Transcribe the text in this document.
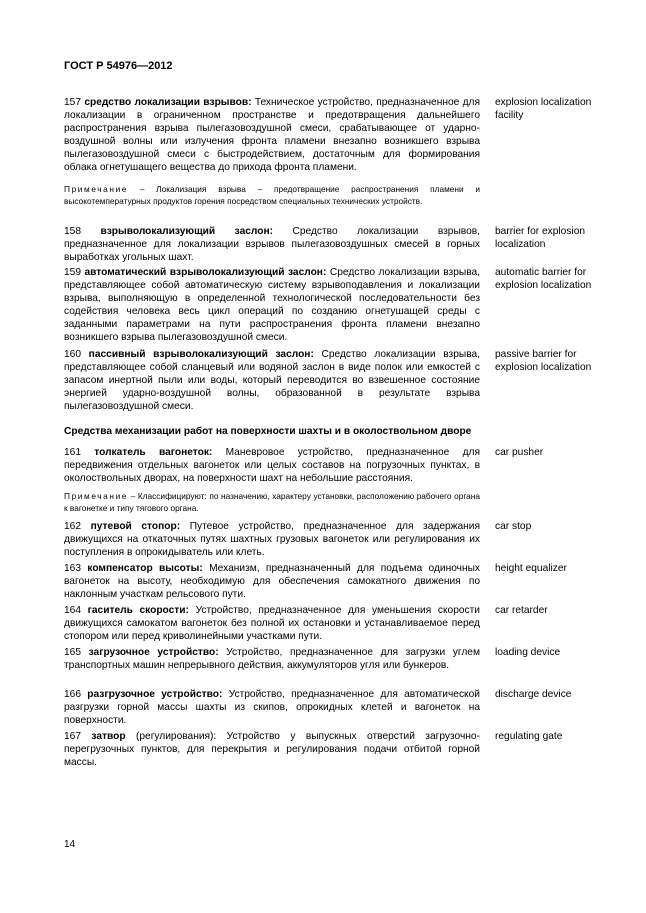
ГОСТ Р 54976—2012
157 средство локализации взрывов: Техническое устройство, предназначенное для локализации в ограниченном пространстве и предотвращения дальнейшего распространения взрыва пылегазовоздушной смеси, срабатывающее от ударно-воздушной волны или излучения фронта пламени внезапно возникшего взрыва пылегазовоздушной смеси с быстродействием, достаточным для формирования облака огнетушащего вещества до прихода фронта пламени.
explosion localization facility
Примечание – Локализация взрыва – предотвращение распространения пламени и высокотемпературных продуктов горения посредством специальных технических устройств.
158 взрыволокализующий заслон: Средство локализации взрывов, предназначенное для локализации взрывов пылегазовоздушных смесей в горных выработках угольных шахт.
barrier for explosion localization
159 автоматический взрыволокализующий заслон: Средство локализации взрыва, представляющее собой автоматическую систему взрывоподавления и локализации взрыва, выполняющую в определенной технологической последовательности без содействия человека весь цикл операций по созданию огнетушащей среды с заданными параметрами на пути распространения фронта пламени внезапно возникшего взрыва пылегазовоздушной смеси.
automatic barrier for explosion localization
160 пассивный взрыволокализующий заслон: Средство локализации взрыва, представляющее собой сланцевый или водяной заслон в виде полок или емкостей с запасом инертной пыли или воды, который переводится во взвешенное состояние энергией ударно-воздушной волны, образованной в результате взрыва пылегазовоздушной смеси.
passive barrier for explosion localization
Средства механизации работ на поверхности шахты и в околоствольном дворе
161 толкатель вагонеток: Маневровое устройство, предназначенное для передвижения отдельных вагонеток или целых составов на погрузочных пунктах, в околоствольных дворах, на поверхности шахт на небольшие расстояния.
car pusher
Примечание – Классифицируют: по назначению, характеру установки, расположению рабочего органа к вагонетке и типу тягового органа.
162 путевой стопор: Путевое устройство, предназначенное для задержания движущихся на откаточных путях шахтных грузовых вагонеток или регулирования их поступления в опрокидыватель или клеть.
car stop
163 компенсатор высоты: Механизм, предназначенный для подъема одиночных вагонеток на высоту, необходимую для обеспечения самокатного движения по наклонным участкам рельсового пути.
height equalizer
164 гаситель скорости: Устройство, предназначенное для уменьшения скорости движущихся самокатом вагонеток без полной их остановки и устанавливаемое перед стопором или перед криволинейными участками пути.
car retarder
165 загрузочное устройство: Устройство, предназначенное для загрузки углем транспортных машин непрерывного действия, аккумуляторов угля или бункеров.
loading device
166 разгрузочное устройство: Устройство, предназначенное для автоматической разгрузки горной массы шахты из скипов, опрокидных клетей и вагонеток на поверхности.
discharge device
167 затвор (регулирования): Устройство у выпускных отверстий загрузочно-перегрузочных пунктов, для перекрытия и регулирования подачи отбитой горной массы.
regulating gate
14
